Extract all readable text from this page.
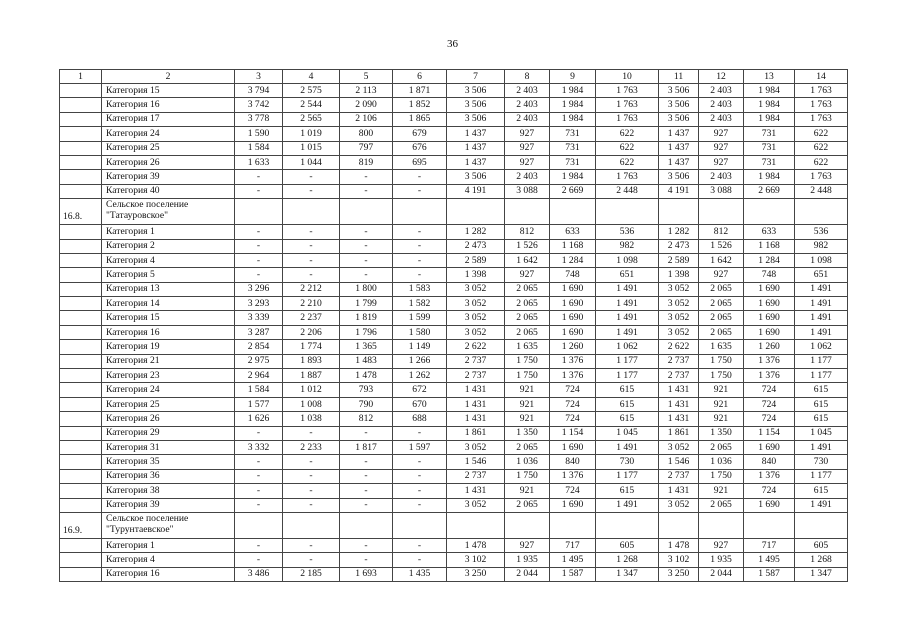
36
1	2	3	4	5	6	7	8	9	10	11	12	13	14
	Категория 15	3 794	2 575	2 113	1 871	3 506	2 403	1 984	1 763	3 506	2 403	1 984	1 763
	Категория 16	3 742	2 544	2 090	1 852	3 506	2 403	1 984	1 763	3 506	2 403	1 984	1 763
	Категория 17	3 778	2 565	2 106	1 865	3 506	2 403	1 984	1 763	3 506	2 403	1 984	1 763
	Категория 24	1 590	1 019	800	679	1 437	927	731	622	1 437	927	731	622
	Категория 25	1 584	1 015	797	676	1 437	927	731	622	1 437	927	731	622
	Категория 26	1 633	1 044	819	695	1 437	927	731	622	1 437	927	731	622
	Категория 39	-	-	-	-	3 506	2 403	1 984	1 763	3 506	2 403	1 984	1 763
	Категория 40	-	-	-	-	4 191	3 088	2 669	2 448	4 191	3 088	2 669	2 448
16.8.	Сельское поселение "Татауровское"												
	Категория 1	-	-	-	-	1 282	812	633	536	1 282	812	633	536
	Категория 2	-	-	-	-	2 473	1 526	1 168	982	2 473	1 526	1 168	982
	Категория 4	-	-	-	-	2 589	1 642	1 284	1 098	2 589	1 642	1 284	1 098
	Категория 5	-	-	-	-	1 398	927	748	651	1 398	927	748	651
	Категория 13	3 296	2 212	1 800	1 583	3 052	2 065	1 690	1 491	3 052	2 065	1 690	1 491
	Категория 14	3 293	2 210	1 799	1 582	3 052	2 065	1 690	1 491	3 052	2 065	1 690	1 491
	Категория 15	3 339	2 237	1 819	1 599	3 052	2 065	1 690	1 491	3 052	2 065	1 690	1 491
	Категория 16	3 287	2 206	1 796	1 580	3 052	2 065	1 690	1 491	3 052	2 065	1 690	1 491
	Категория 19	2 854	1 774	1 365	1 149	2 622	1 635	1 260	1 062	2 622	1 635	1 260	1 062
	Категория 21	2 975	1 893	1 483	1 266	2 737	1 750	1 376	1 177	2 737	1 750	1 376	1 177
	Категория 23	2 964	1 887	1 478	1 262	2 737	1 750	1 376	1 177	2 737	1 750	1 376	1 177
	Категория 24	1 584	1 012	793	672	1 431	921	724	615	1 431	921	724	615
	Категория 25	1 577	1 008	790	670	1 431	921	724	615	1 431	921	724	615
	Категория 26	1 626	1 038	812	688	1 431	921	724	615	1 431	921	724	615
	Категория 29	-	-	-	-	1 861	1 350	1 154	1 045	1 861	1 350	1 154	1 045
	Категория 31	3 332	2 233	1 817	1 597	3 052	2 065	1 690	1 491	3 052	2 065	1 690	1 491
	Категория 35	-	-	-	-	1 546	1 036	840	730	1 546	1 036	840	730
	Категория 36	-	-	-	-	2 737	1 750	1 376	1 177	2 737	1 750	1 376	1 177
	Категория 38	-	-	-	-	1 431	921	724	615	1 431	921	724	615
	Категория 39	-	-	-	-	3 052	2 065	1 690	1 491	3 052	2 065	1 690	1 491
16.9.	Сельское поселение "Турунтаевское"												
	Категория 1	-	-	-	-	1 478	927	717	605	1 478	927	717	605
	Категория 4	-	-	-	-	3 102	1 935	1 495	1 268	3 102	1 935	1 495	1 268
	Категория 16	3 486	2 185	1 693	1 435	3 250	2 044	1 587	1 347	3 250	2 044	1 587	1 347
